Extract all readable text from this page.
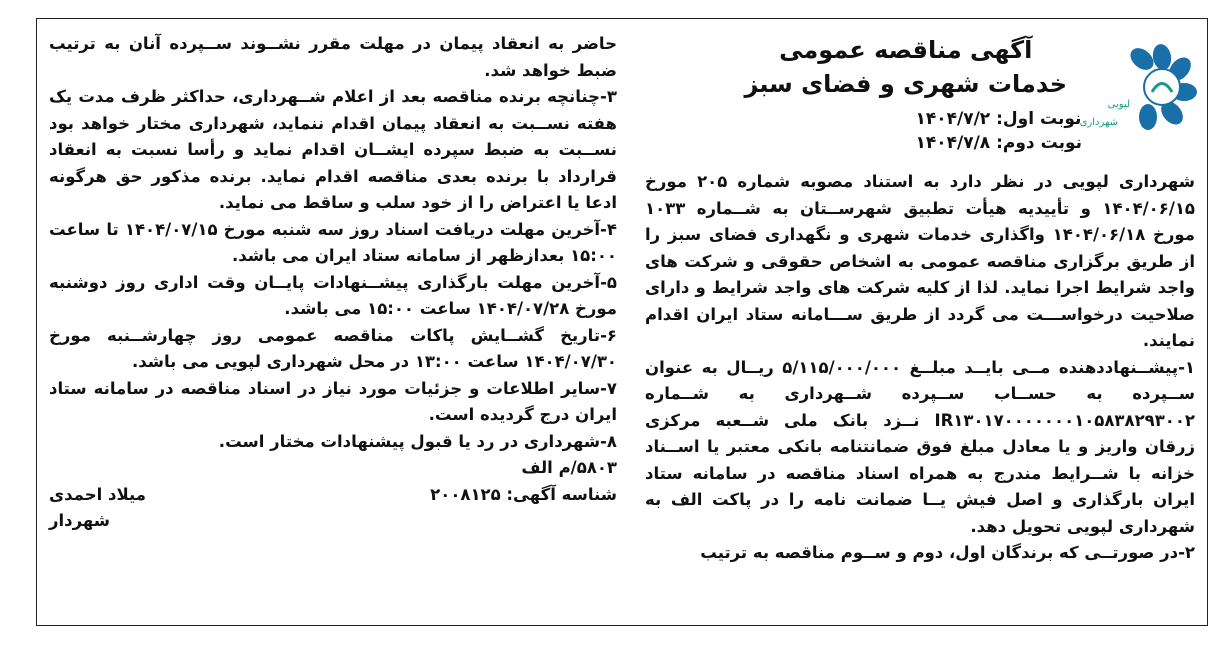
لپویی
شهرداری
آگهی مناقصه عمومی
خدمات شهری و فضای سبز
نوبت اول: ۱۴۰۴/۷/۲
نوبت دوم: ۱۴۰۴/۷/۸

شهرداری لپویی در نظر دارد به استناد مصوبه شماره ۲۰۵ مورخ ۱۴۰۴/۰۶/۱۵ و تأییدیه هیأت تطبیق شهرســتان به شــماره ۱۰۳۳ مورخ ۱۴۰۴/۰۶/۱۸ واگذاری خدمات شهری و نگهداری فضای سبز را از طریق برگزاری مناقصه عمومی به اشخاص حقوقی و شرکت های واجد شرایط اجرا نماید. لذا از کلیه شرکت های واجد شرایط و دارای صلاحیت درخواســـت می گردد از طریق ســـامانه ستاد ایران اقدام نمایند.

۱-پیشــنهاددهنده مــی بایــد مبلــغ ۵/۱۱۵/۰۰۰/۰۰۰ ریــال به عنوان ســپرده به حســاب ســپرده شــهرداری به شــماره IR۱۳۰۱۷۰۰۰۰۰۰۰۱۰۵۸۳۸۲۹۳۰۰۲ نــزد بانک ملی شــعبه مرکزی زرقان واریز و یا معادل مبلغ فوق ضمانتنامه بانکی معتبر یا اســناد خزانه با شــرایط مندرج به همراه اسناد مناقصه در سامانه ستاد ایران بارگذاری و اصل فیش یــا ضمانت نامه را در پاکت الف به شهرداری لپویی تحویل دهد.

۲-در صورتــی که برندگان اول، دوم و ســوم مناقصه به ترتیب

حاضر به انعقاد پیمان در مهلت مقرر نشــوند ســپرده آنان به ترتیب ضبط خواهد شد.

۳-چنانچه برنده مناقصه بعد از اعلام شــهرداری، حداکثر ظرف مدت یک هفته نســبت به انعقاد پیمان اقدام ننماید، شهرداری مختار خواهد بود نســبت به ضبط سپرده ایشــان اقدام نماید و رأسا نسبت به انعقاد قرارداد با برنده بعدی مناقصه اقدام نماید. برنده مذکور حق هرگونه ادعا یا اعتراض را از خود سلب و ساقط می نماید.

۴-آخرین مهلت دریافت اسناد روز سه شنبه مورخ ۱۴۰۴/۰۷/۱۵ تا ساعت ۱۵:۰۰ بعدازظهر از سامانه ستاد ایران می باشد.

۵-آخرین مهلت بارگذاری پیشــنهادات پایــان وقت اداری روز دوشنبه مورخ ۱۴۰۴/۰۷/۲۸ ساعت ۱۵:۰۰ می باشد.

۶-تاریخ گشــایش پاکات مناقصه عمومی روز چهارشــنبه مورخ ۱۴۰۴/۰۷/۳۰ ساعت ۱۳:۰۰ در محل شهرداری لپویی می باشد.

۷-سایر اطلاعات و جزئیات مورد نیاز در اسناد مناقصه در سامانه ستاد ایران درج گردیده است.

۸-شهرداری در رد یا قبول پیشنهادات مختار است.

۵۸۰۳/م الف

شناسه آگهی: ۲۰۰۸۱۲۵
میلاد احمدی
شهردار
